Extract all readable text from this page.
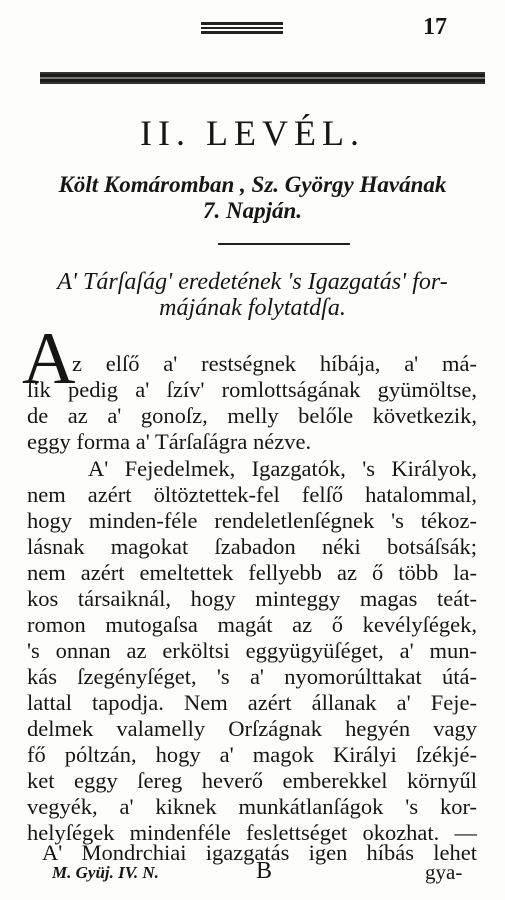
17
II. LEVÉL.
Költ Komáromban , Sz. György Havának
7. Napján.
A' Tárſaſág' eredetének 's Igazgatás' for-
májának folytatdſa.
A
z elſő a' restségnek híbája, a' má-
ſik pedig a' ſzív' romlottságának gyümöltse,
de az a' gonoſz, melly belőle következik,
eggy forma a' Tárſaſágra nézve.
A' Fejedelmek, Igazgatók, 's Királyok,
nem azért öltöztettek-fel felſő hatalommal,
hogy minden-féle rendeletlenſégnek 's tékoz-
lásnak magokat ſzabadon néki botsáſsák;
nem azért emeltettek fellyebb az ő több la-
kos társaiknál, hogy minteggy magas teát-
romon mutogaſsa magát az ő kevélyſégek,
's onnan az erköltsi eggyügyüſéget, a' mun-
kás ſzegényſéget, 's a' nyomorúlttakat útá-
lattal tapodja. Nem azért állanak a' Feje-
delmek valamelly Orſzágnak hegyén vagy
fő póltzán, hogy a' magok Királyi ſzékjé-
ket eggy ſereg heverő emberekkel környűl
vegyék, a' kiknek munkátlanſágok 's kor-
helyſégek mindenféle feslettséget okozhat. —
A' Mondrchiai igazgatás igen híbás lehet
M. Gyüj. IV. N.	B	gya-
